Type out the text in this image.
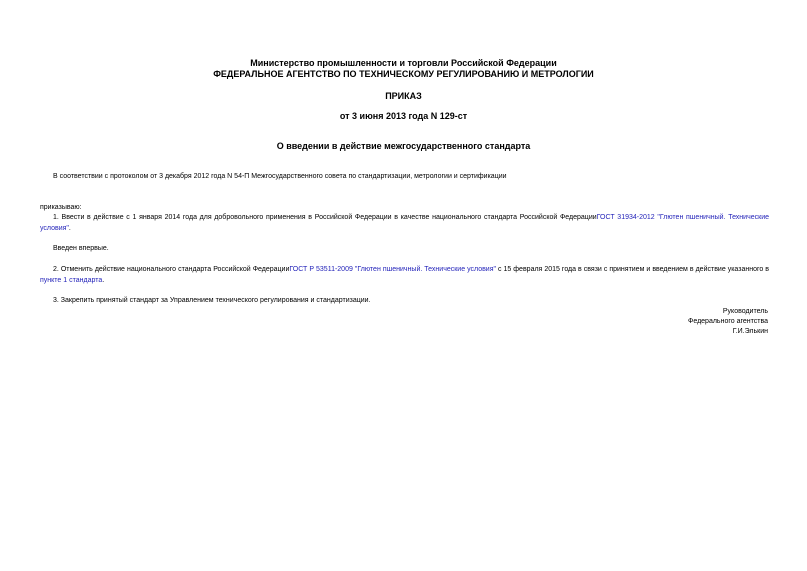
Министерство промышленности и торговли Российской Федерации
ФЕДЕРАЛЬНОЕ АГЕНТСТВО ПО ТЕХНИЧЕСКОМУ РЕГУЛИРОВАНИЮ И МЕТРОЛОГИИ
ПРИКАЗ
от 3 июня 2013 года N 129-ст
О введении в действие межгосударственного стандарта
В соответствии с протоколом от 3 декабря 2012 года N 54-П Межгосударственного совета по стандартизации, метрологии и сертификации
приказываю:
1. Ввести в действие с 1 января 2014 года для добровольного применения в Российской Федерации в качестве национального стандарта Российской ФедерацииГОСТ 31934-2012 "Глютен пшеничный. Технические условия".
Введен впервые.
2. Отменить действие национального стандарта Российской ФедерацииГОСТ Р 53511-2009 "Глютен пшеничный. Технические условия" с 15 февраля 2015 года в связи с принятием и введением в действие указанного в пункте 1 стандарта.
3. Закрепить принятый стандарт за Управлением технического регулирования и стандартизации.
Руководитель
Федерального агентства
Г.И.Элькин
